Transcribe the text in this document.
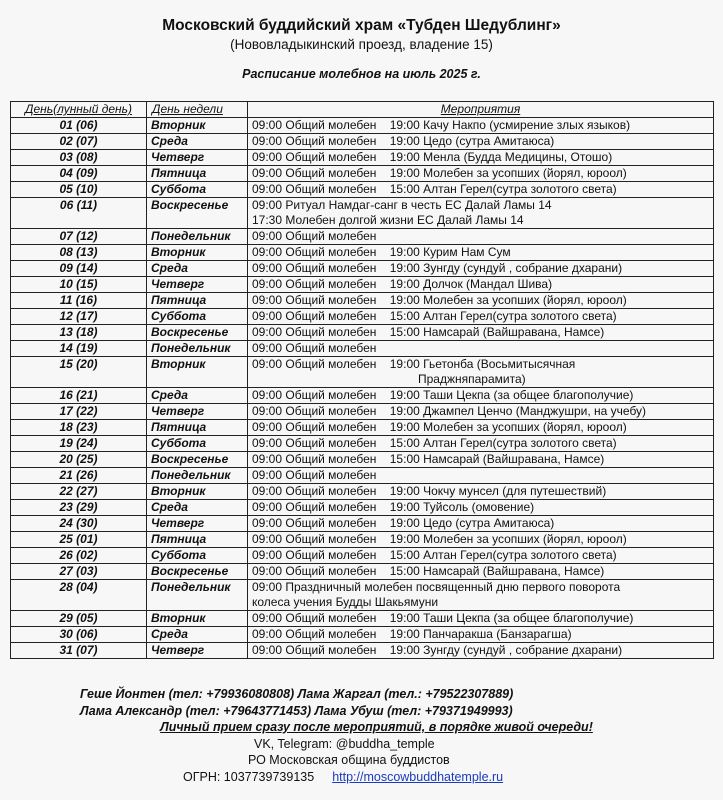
Московский буддийский храм «Тубден Шедублинг»
(Нововладыкинский проезд, владение 15)
Расписание молебнов на июль 2025 г.
День(лунный день)	День недели	Мероприятия
01 (06)	Вторник	09:00 Общий молебен    19:00 Качу Накпо (усмирение злых языков)

02 (07)	Среда	09:00 Общий молебен    19:00 Цедо (сутра Амитаюса)

03 (08)	Четверг	09:00 Общий молебен    19:00 Менла (Будда Медицины, Отошо)

04 (09)	Пятница	09:00 Общий молебен    19:00 Молебен за усопших (йорял, юроол)

05 (10)	Суббота	09:00 Общий молебен    15:00 Алтан Герел(сутра золотого света)

06 (11)	Воскресенье	09:00 Ритуал Намдаг-санг в честь ЕС Далай Ламы 14
17:30 Молебен долгой жизни ЕС Далай Ламы 14

07 (12)	Понедельник	09:00 Общий молебен

08 (13)	Вторник	09:00 Общий молебен    19:00 Курим Нам Сум

09 (14)	Среда	09:00 Общий молебен    19:00 Зунгду (сундуй , собрание дхарани)

10 (15)	Четверг	09:00 Общий молебен    19:00 Долчок (Мандал Шива)

11 (16)	Пятница	09:00 Общий молебен    19:00 Молебен за усопших (йорял, юроол)

12 (17)	Суббота	09:00 Общий молебен    15:00 Алтан Герел(сутра золотого света)

13 (18)	Воскресенье	09:00 Общий молебен    15:00 Намсарай (Вайшравана, Намсе)

14 (19)	Понедельник	09:00 Общий молебен

15 (20)	Вторник	09:00 Общий молебен    19:00 Гьетонба (Восьмитысячная
Праджняпарамита)

16 (21)	Среда	09:00 Общий молебен    19:00 Таши Цекпа (за общее благополучие)

17 (22)	Четверг	09:00 Общий молебен    19:00 Джампел Ценчо (Манджушри, на учебу)

18 (23)	Пятница	09:00 Общий молебен    19:00 Молебен за усопших (йорял, юроол)

19 (24)	Суббота	09:00 Общий молебен    15:00 Алтан Герел(сутра золотого света)

20 (25)	Воскресенье	09:00 Общий молебен    15:00 Намсарай (Вайшравана, Намсе)

21 (26)	Понедельник	09:00 Общий молебен

22 (27)	Вторник	09:00 Общий молебен    19:00 Чокчу мунсел (для путешествий)

23 (29)	Среда	09:00 Общий молебен    19:00 Туйсоль (омовение)

24 (30)	Четверг	09:00 Общий молебен    19:00 Цедо (сутра Амитаюса)

25 (01)	Пятница	09:00 Общий молебен    19:00 Молебен за усопших (йорял, юроол)

26 (02)	Суббота	09:00 Общий молебен    15:00 Алтан Герел(сутра золотого света)

27 (03)	Воскресенье	09:00 Общий молебен    15:00 Намсарай (Вайшравана, Намсе)

28 (04)	Понедельник	09:00 Праздничный молебен посвященный дню первого поворота
колеса учения Будды Шакьямуни

29 (05)	Вторник	09:00 Общий молебен    19:00 Таши Цекпа (за общее благополучие)

30 (06)	Среда	09:00 Общий молебен    19:00 Панчаракша (Банзарагша)

31 (07)	Четверг	09:00 Общий молебен    19:00 Зунгду (сундуй , собрание дхарани)
Геше Йонтен (тел: +79936080808) Лама Жаргал (тел.: +79522307889)
Лама Александр (тел: +79643771453) Лама Убуш (тел: +79371949993)
Личный прием сразу после мероприятий, в порядке живой очереди!
VK, Telegram: @buddha_temple
РО Московская община буддистов
ОГРН: 1037739739135 http://moscowbuddhatemple.ru
